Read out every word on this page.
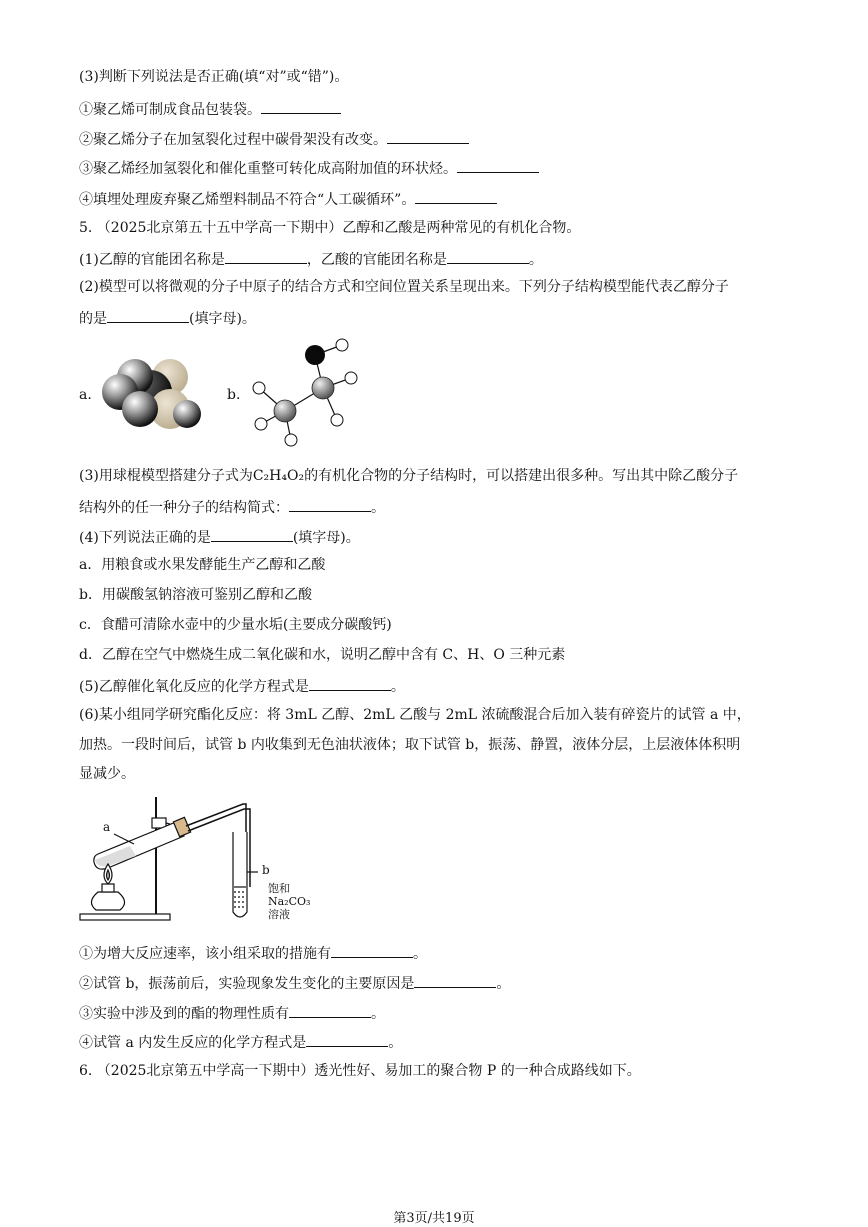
(3)判断下列说法是否正确(填“对”或“错”)。
①聚乙烯可制成食品包装袋。
②聚乙烯分子在加氢裂化过程中碳骨架没有改变。
③聚乙烯经加氢裂化和催化重整可转化成高附加值的环状烃。
④填埋处理废弃聚乙烯塑料制品不符合“人工碳循环”。
5. （2025北京第五十五中学高一下期中）乙醇和乙酸是两种常见的有机化合物。
(1)乙醇的官能团名称是	，乙酸的官能团名称是	。
(2)模型可以将微观的分子中原子的结合方式和空间位置关系呈现出来。下列分子结构模型能代表乙醇分子
的是	(填字母)。
a.	b.
(3)用球棍模型搭建分子式为C₂H₄O₂的有机化合物的分子结构时，可以搭建出很多种。写出其中除乙酸分子
结构外的任一种分子的结构简式：	。
(4)下列说法正确的是	(填字母)。
a．用粮食或水果发酵能生产乙醇和乙酸
b．用碳酸氢钠溶液可鉴别乙醇和乙酸
c．食醋可清除水壶中的少量水垢(主要成分碳酸钙)
d．乙醇在空气中燃烧生成二氧化碳和水，说明乙醇中含有 C、H、O 三种元素
(5)乙醇催化氧化反应的化学方程式是	。
(6)某小组同学研究酯化反应：将 3mL 乙醇、2mL 乙酸与 2mL 浓硫酸混合后加入装有碎瓷片的试管 a 中，
加热。一段时间后，试管 b 内收集到无色油状液体；取下试管 b，振荡、静置，液体分层，上层液体体积明
显减少。
a
b
饱和
Na₂CO₃
溶液
①为增大反应速率，该小组采取的措施有	。
②试管 b，振荡前后，实验现象发生变化的主要原因是	。
③实验中涉及到的酯的物理性质有	。
④试管 a 内发生反应的化学方程式是	。
6. （2025北京第五中学高一下期中）透光性好、易加工的聚合物 P 的一种合成路线如下。
第3页/共19页
